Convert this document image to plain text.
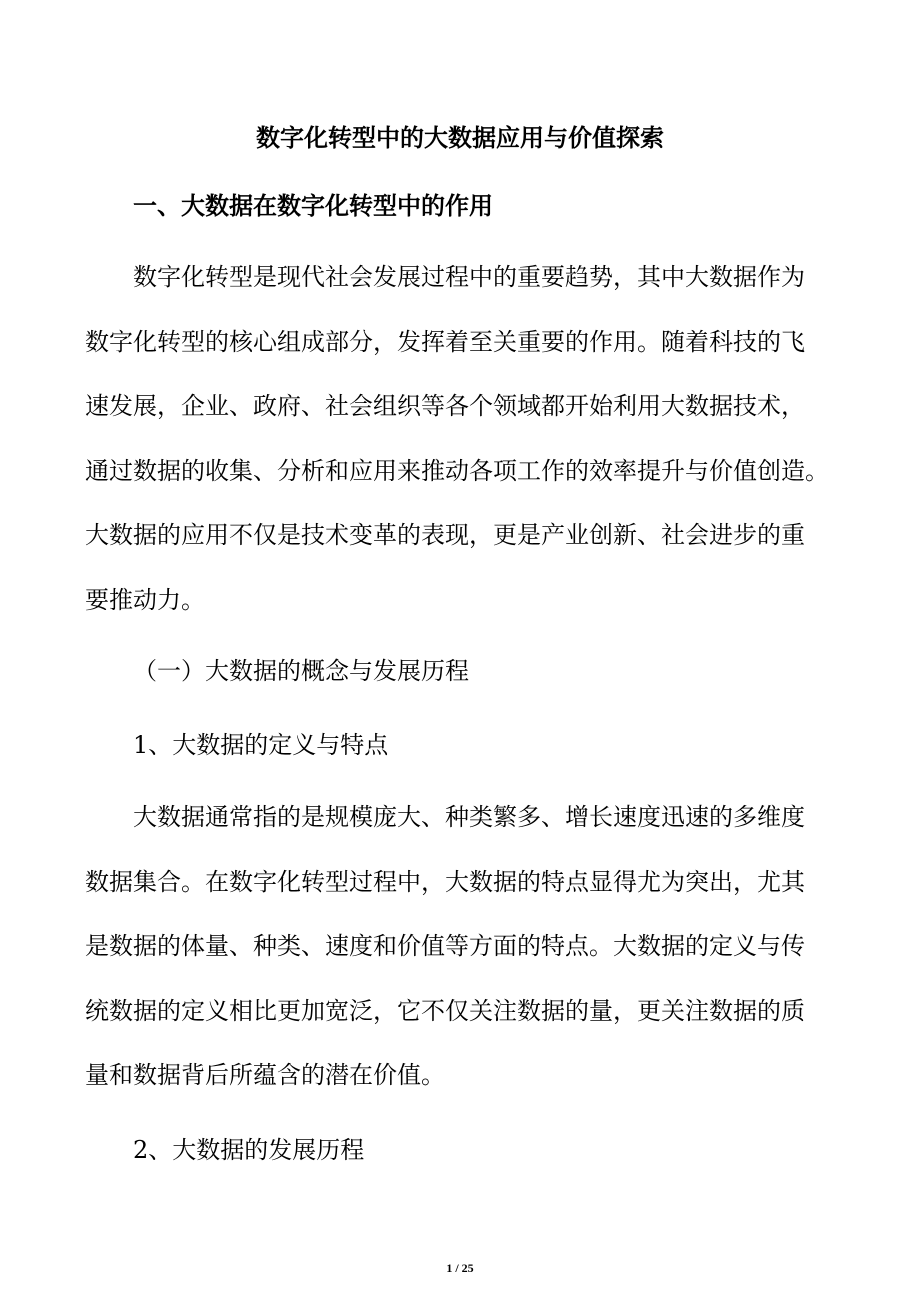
数字化转型中的大数据应用与价值探索
一、大数据在数字化转型中的作用
数字化转型是现代社会发展过程中的重要趋势，其中大数据作为
数字化转型的核心组成部分，发挥着至关重要的作用。随着科技的飞
速发展，企业、政府、社会组织等各个领域都开始利用大数据技术，
通过数据的收集、分析和应用来推动各项工作的效率提升与价值创造。
大数据的应用不仅是技术变革的表现，更是产业创新、社会进步的重
要推动力。
（一）大数据的概念与发展历程
1、大数据的定义与特点
大数据通常指的是规模庞大、种类繁多、增长速度迅速的多维度
数据集合。在数字化转型过程中，大数据的特点显得尤为突出，尤其
是数据的体量、种类、速度和价值等方面的特点。大数据的定义与传
统数据的定义相比更加宽泛，它不仅关注数据的量，更关注数据的质
量和数据背后所蕴含的潜在价值。
2、大数据的发展历程
1 / 25
